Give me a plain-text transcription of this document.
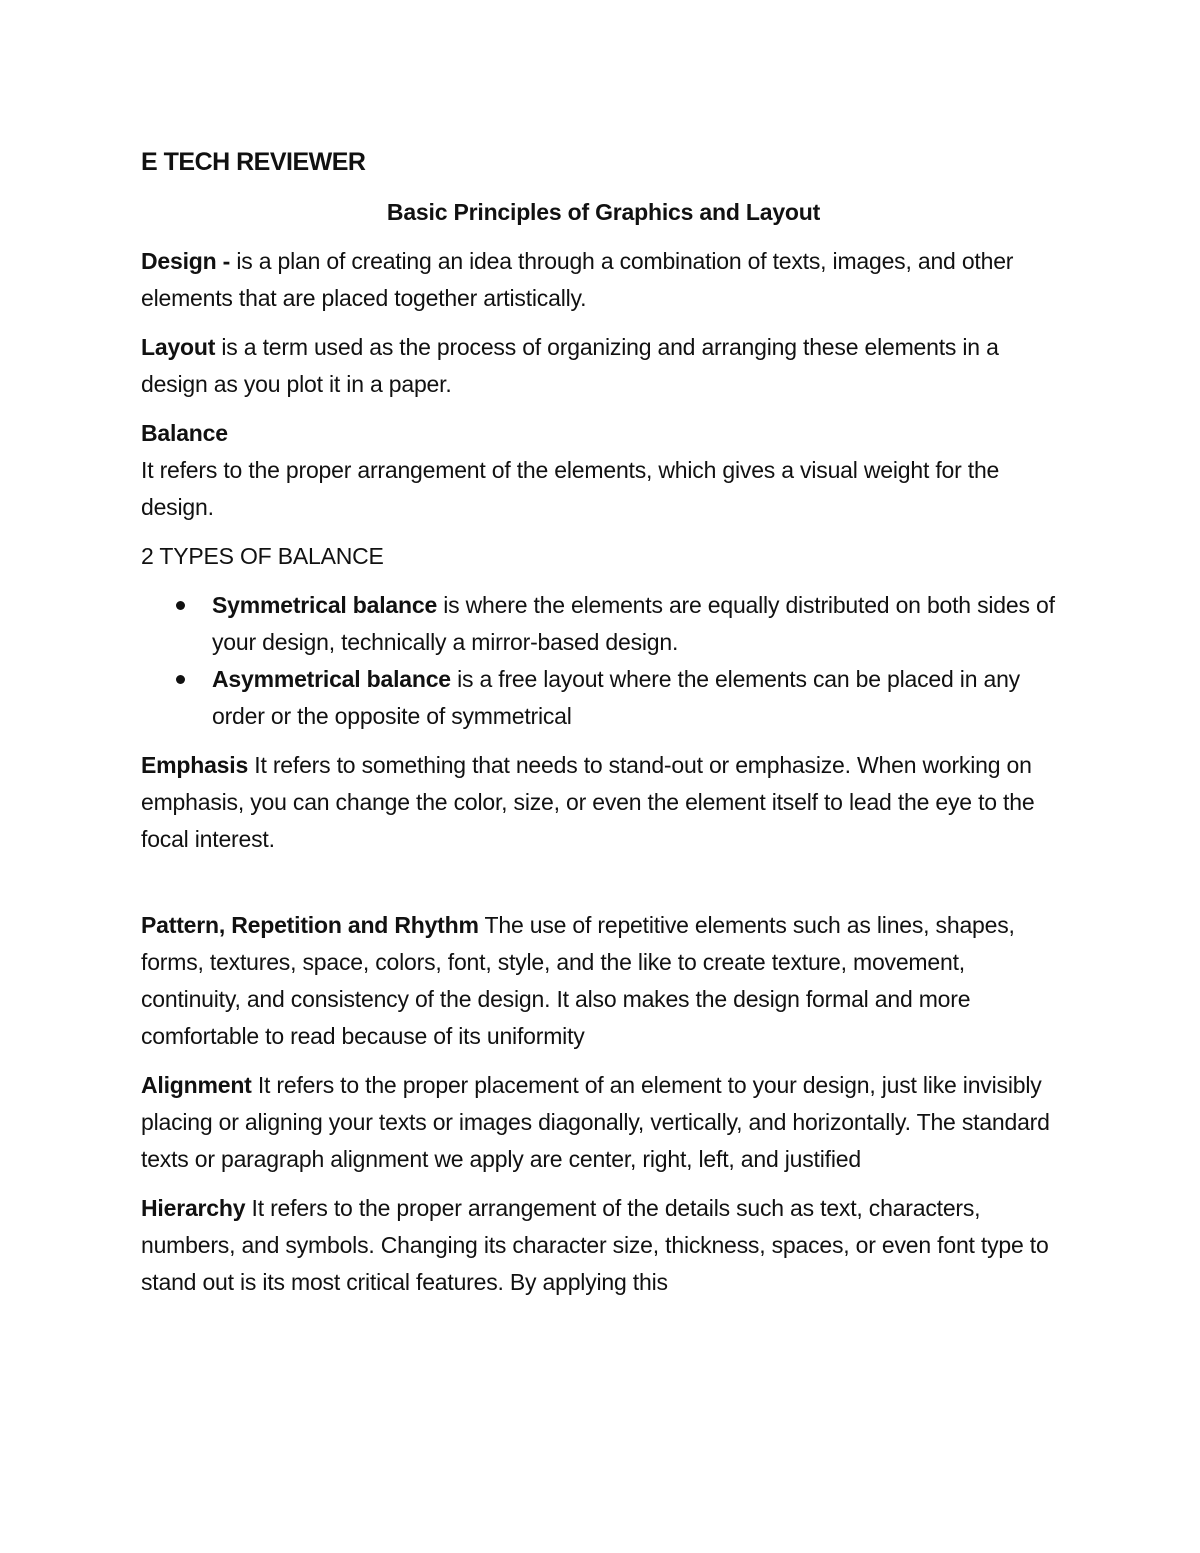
E TECH REVIEWER
Basic Principles of Graphics and Layout

Design - is a plan of creating an idea through a combination of texts, images, and other elements that are placed together artistically.

Layout is a term used as the process of organizing and arranging these elements in a design as you plot it in a paper.

Balance
It refers to the proper arrangement of the elements, which gives a visual weight for the design.

2 TYPES OF BALANCE

Symmetrical balance is where the elements are equally distributed on both sides of your design, technically a mirror-based design.
Asymmetrical balance is a free layout where the elements can be placed in any order or the opposite of symmetrical

Emphasis It refers to something that needs to stand-out or emphasize. When working on emphasis, you can change the color, size, or even the element itself to lead the eye to the focal interest.

Pattern, Repetition and Rhythm The use of repetitive elements such as lines, shapes, forms, textures, space, colors, font, style, and the like to create texture, movement, continuity, and consistency of the design. It also makes the design formal and more comfortable to read because of its uniformity

Alignment It refers to the proper placement of an element to your design, just like invisibly placing or aligning your texts or images diagonally, vertically, and horizontally. The standard texts or paragraph alignment we apply are center, right, left, and justified

Hierarchy It refers to the proper arrangement of the details such as text, characters, numbers, and symbols. Changing its character size, thickness, spaces, or even font type to stand out is its most critical features. By applying this
